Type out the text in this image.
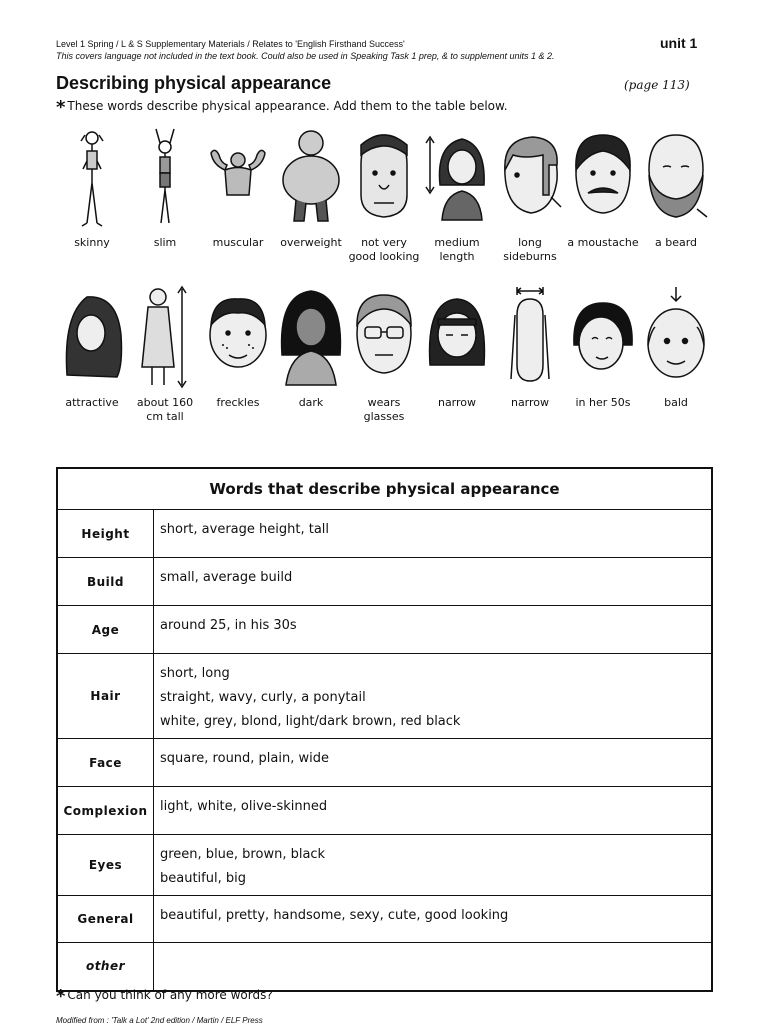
Level 1 Spring / L & S Supplementary Materials / Relates to 'English Firsthand Success'
This covers language not included in the text book. Could also be used in Speaking Task 1 prep, & to supplement units 1 & 2.
unit 1
Describing physical appearance	(page 113)
* These words describe physical appearance. Add them to the table below.
skinny	slim	muscular	overweight	not very good looking
medium length
long sideburns
a moustache	a beard
attractive	about 160 cm tall
freckles	dark	wears glasses
narrow	narrow	in her 50s	bald
Words that describe physical appearance	
Height	short, average height, tall

Build	small, average build

Age	around 25, in his 30s

Hair	short, long
straight, wavy, curly, a ponytail
white, grey, blond, light/dark brown, red black

Face	square, round, plain, wide

Complexion	light, white, olive-skinned

Eyes	green, blue, brown, black
beautiful, big

General	beautiful, pretty, handsome, sexy, cute, good looking

other	
* Can you think of any more words?
Modified from : 'Talk a Lot' 2nd edition / Martin / ELF Press
